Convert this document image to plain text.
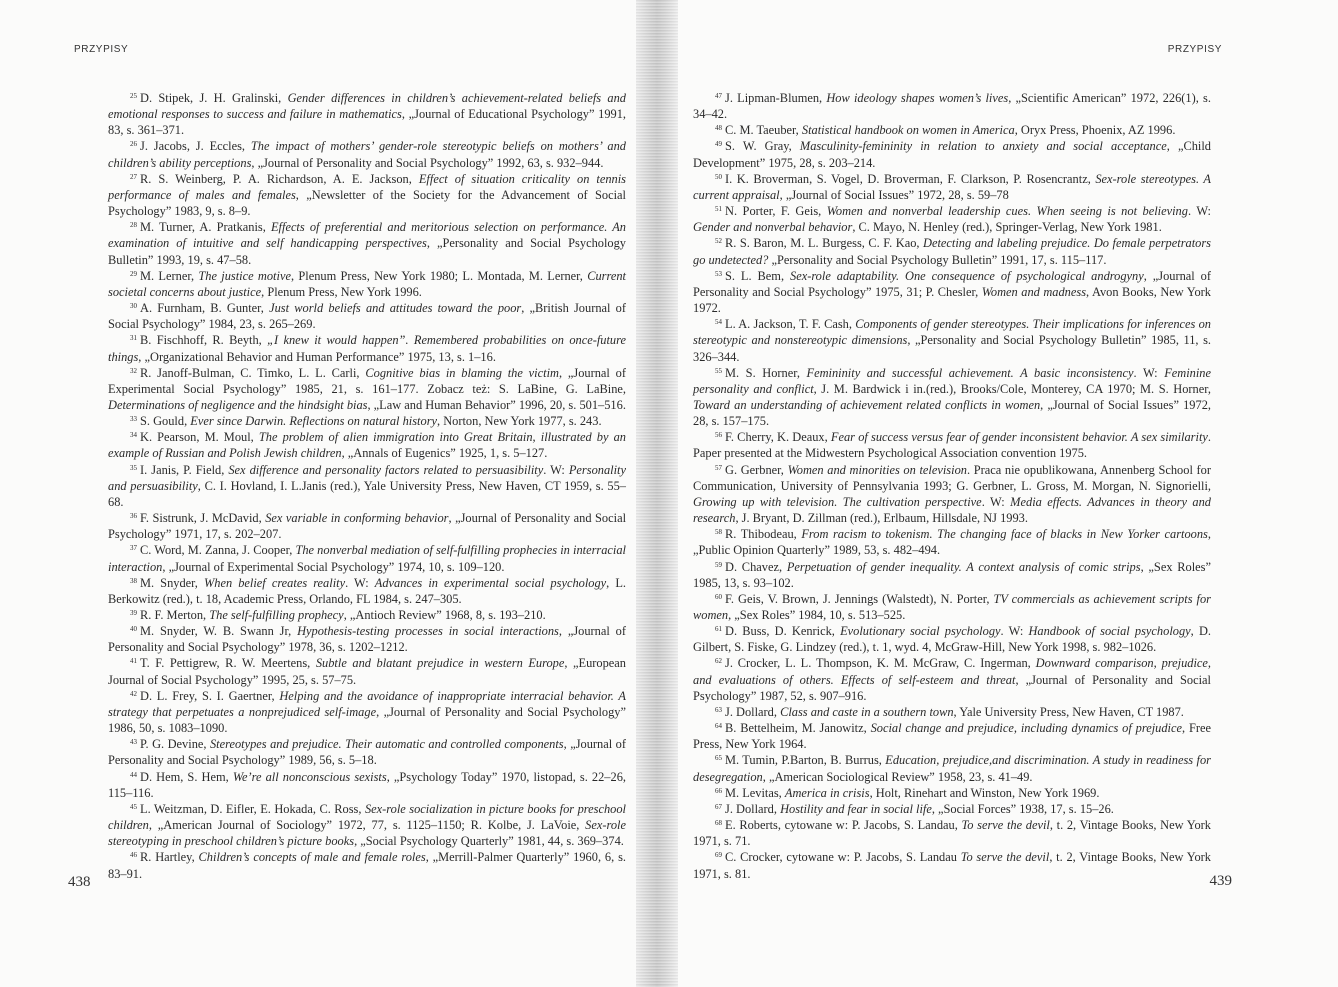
PRZYPISY
$^{25}$ D. Stipek, J. H. Gralinski, Gender differences in children’s achievement-related beliefs and emotional responses to success and failure in mathematics, „Journal of Educational Psychology” 1991, 83, s. 361–371.
$^{26}$ J. Jacobs, J. Eccles, The impact of mothers’ gender-role stereotypic beliefs on mothers’ and children’s ability perceptions, „Journal of Personality and Social Psychology” 1992, 63, s. 932–944.
$^{27}$ R. S. Weinberg, P. A. Richardson, A. E. Jackson, Effect of situation criticality on tennis performance of males and females, „Newsletter of the Society for the Advancement of Social Psychology” 1983, 9, s. 8–9.
$^{28}$ M. Turner, A. Pratkanis, Effects of preferential and meritorious selection on performance. An examination of intuitive and self handicapping perspectives, „Personality and Social Psychology Bulletin” 1993, 19, s. 47–58.
$^{29}$ M. Lerner, The justice motive, Plenum Press, New York 1980; L. Montada, M. Lerner, Current societal concerns about justice, Plenum Press, New York 1996.
$^{30}$ A. Furnham, B. Gunter, Just world beliefs and attitudes toward the poor, „British Journal of Social Psychology” 1984, 23, s. 265–269.
$^{31}$ B. Fischhoff, R. Beyth, „I knew it would happen”. Remembered probabilities on once-future things, „Organizational Behavior and Human Performance” 1975, 13, s. 1–16.
$^{32}$ R. Janoff-Bulman, C. Timko, L. L. Carli, Cognitive bias in blaming the victim, „Journal of Experimental Social Psychology” 1985, 21, s. 161–177. Zobacz też: S. LaBine, G. LaBine, Determinations of negligence and the hindsight bias, „Law and Human Behavior” 1996, 20, s. 501–516.
$^{33}$ S. Gould, Ever since Darwin. Reflections on natural history, Norton, New York 1977, s. 243.
$^{34}$ K. Pearson, M. Moul, The problem of alien immigration into Great Britain, illustrated by an example of Russian and Polish Jewish children, „Annals of Eugenics” 1925, 1, s. 5–127.
$^{35}$ I. Janis, P. Field, Sex difference and personality factors related to persuasibility. W: Personality and persuasibility, C. I. Hovland, I. L.Janis (red.), Yale University Press, New Haven, CT 1959, s. 55–68.
$^{36}$ F. Sistrunk, J. McDavid, Sex variable in conforming behavior, „Journal of Personality and Social Psychology” 1971, 17, s. 202–207.
$^{37}$ C. Word, M. Zanna, J. Cooper, The nonverbal mediation of self-fulfilling prophecies in interracial interaction, „Journal of Experimental Social Psychology” 1974, 10, s. 109–120.
$^{38}$ M. Snyder, When belief creates reality. W: Advances in experimental social psychology, L. Berkowitz (red.), t. 18, Academic Press, Orlando, FL 1984, s. 247–305.
$^{39}$ R. F. Merton, The self-fulfilling prophecy, „Antioch Review” 1968, 8, s. 193–210.
$^{40}$ M. Snyder, W. B. Swann Jr, Hypothesis-testing processes in social interactions, „Journal of Personality and Social Psychology” 1978, 36, s. 1202–1212.
$^{41}$ T. F. Pettigrew, R. W. Meertens, Subtle and blatant prejudice in western Europe, „European Journal of Social Psychology” 1995, 25, s. 57–75.
$^{42}$ D. L. Frey, S. I. Gaertner, Helping and the avoidance of inappropriate interracial behavior. A strategy that perpetuates a nonprejudiced self-image, „Journal of Personality and Social Psychology” 1986, 50, s. 1083–1090.
$^{43}$ P. G. Devine, Stereotypes and prejudice. Their automatic and controlled components, „Journal of Personality and Social Psychology” 1989, 56, s. 5–18.
$^{44}$ D. Hem, S. Hem, We’re all nonconscious sexists, „Psychology Today” 1970, listopad, s. 22–26, 115–116.
$^{45}$ L. Weitzman, D. Eifler, E. Hokada, C. Ross, Sex-role socialization in picture books for preschool children, „American Journal of Sociology” 1972, 77, s. 1125–1150; R. Kolbe, J. LaVoie, Sex-role stereotyping in preschool children’s picture books, „Social Psychology Quarterly” 1981, 44, s. 369–374.
$^{46}$ R. Hartley, Children’s concepts of male and female roles, „Merrill-Palmer Quarterly” 1960, 6, s. 83–91.
438
PRZYPISY
$^{47}$ J. Lipman-Blumen, How ideology shapes women’s lives, „Scientific American” 1972, 226(1), s. 34–42.
$^{48}$ C. M. Taeuber, Statistical handbook on women in America, Oryx Press, Phoenix, AZ 1996.
$^{49}$ S. W. Gray, Masculinity-femininity in relation to anxiety and social acceptance, „Child Development” 1975, 28, s. 203–214.
$^{50}$ I. K. Broverman, S. Vogel, D. Broverman, F. Clarkson, P. Rosencrantz, Sex-role stereotypes. A current appraisal, „Journal of Social Issues” 1972, 28, s. 59–78
$^{51}$ N. Porter, F. Geis, Women and nonverbal leadership cues. When seeing is not believing. W: Gender and nonverbal behavior, C. Mayo, N. Henley (red.), Springer-Verlag, New York 1981.
$^{52}$ R. S. Baron, M. L. Burgess, C. F. Kao, Detecting and labeling prejudice. Do female perpetrators go undetected? „Personality and Social Psychology Bulletin” 1991, 17, s. 115–117.
$^{53}$ S. L. Bem, Sex-role adaptability. One consequence of psychological androgyny, „Journal of Personality and Social Psychology” 1975, 31; P. Chesler, Women and madness, Avon Books, New York 1972.
$^{54}$ L. A. Jackson, T. F. Cash, Components of gender stereotypes. Their implications for inferences on stereotypic and nonstereotypic dimensions, „Personality and Social Psychology Bulletin” 1985, 11, s. 326–344.
$^{55}$ M. S. Horner, Femininity and successful achievement. A basic inconsistency. W: Feminine personality and conflict, J. M. Bardwick i in.(red.), Brooks/Cole, Monterey, CA 1970; M. S. Horner, Toward an understanding of achievement related conflicts in women, „Journal of Social Issues” 1972, 28, s. 157–175.
$^{56}$ F. Cherry, K. Deaux, Fear of success versus fear of gender inconsistent behavior. A sex similarity. Paper presented at the Midwestern Psychological Association convention 1975.
$^{57}$ G. Gerbner, Women and minorities on television. Praca nie opublikowana, Annenberg School for Communication, University of Pennsylvania 1993; G. Gerbner, L. Gross, M. Morgan, N. Signorielli, Growing up with television. The cultivation perspective. W: Media effects. Advances in theory and research, J. Bryant, D. Zillman (red.), Erlbaum, Hillsdale, NJ 1993.
$^{58}$ R. Thibodeau, From racism to tokenism. The changing face of blacks in New Yorker cartoons, „Public Opinion Quarterly” 1989, 53, s. 482–494.
$^{59}$ D. Chavez, Perpetuation of gender inequality. A context analysis of comic strips, „Sex Roles” 1985, 13, s. 93–102.
$^{60}$ F. Geis, V. Brown, J. Jennings (Walstedt), N. Porter, TV commercials as achievement scripts for women, „Sex Roles” 1984, 10, s. 513–525.
$^{61}$ D. Buss, D. Kenrick, Evolutionary social psychology. W: Handbook of social psychology, D. Gilbert, S. Fiske, G. Lindzey (red.), t. 1, wyd. 4, McGraw-Hill, New York 1998, s. 982–1026.
$^{62}$ J. Crocker, L. L. Thompson, K. M. McGraw, C. Ingerman, Downward comparison, prejudice, and evaluations of others. Effects of self-esteem and threat, „Journal of Personality and Social Psychology” 1987, 52, s. 907–916.
$^{63}$ J. Dollard, Class and caste in a southern town, Yale University Press, New Haven, CT 1987.
$^{64}$ B. Bettelheim, M. Janowitz, Social change and prejudice, including dynamics of prejudice, Free Press, New York 1964.
$^{65}$ M. Tumin, P.Barton, B. Burrus, Education, prejudice,and discrimination. A study in readiness for desegregation, „American Sociological Review” 1958, 23, s. 41–49.
$^{66}$ M. Levitas, America in crisis, Holt, Rinehart and Winston, New York 1969.
$^{67}$ J. Dollard, Hostility and fear in social life, „Social Forces” 1938, 17, s. 15–26.
$^{68}$ E. Roberts, cytowane w: P. Jacobs, S. Landau, To serve the devil, t. 2, Vintage Books, New York 1971, s. 71.
$^{69}$ C. Crocker, cytowane w: P. Jacobs, S. Landau To serve the devil, t. 2, Vintage Books, New York 1971, s. 81.	439
